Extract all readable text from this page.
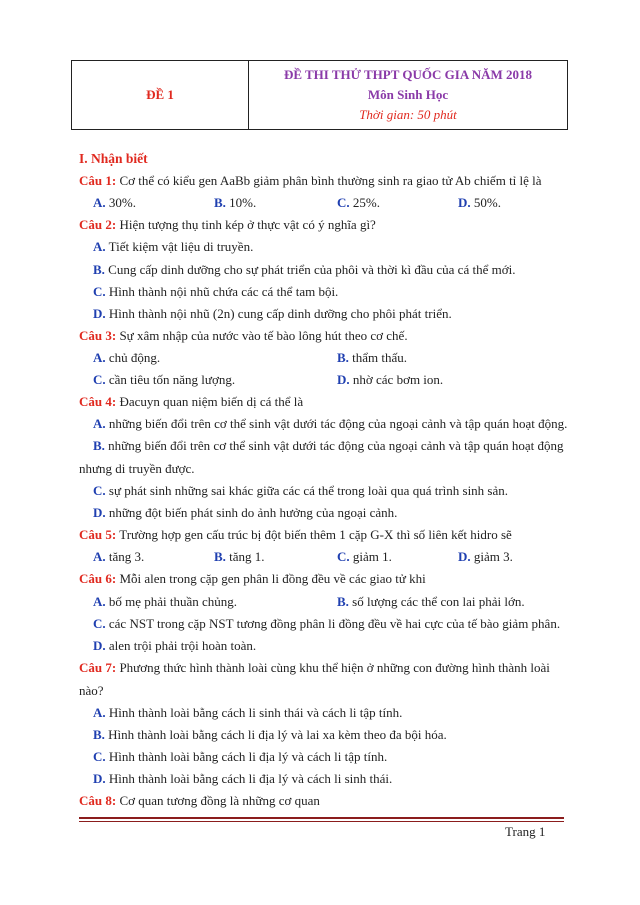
ĐỀ 1
ĐỀ THI THỬ THPT QUỐC GIA NĂM 2018
Môn Sinh Học
Thời gian: 50 phút
I. Nhận biết
Câu 1: Cơ thể có kiểu gen AaBb giảm phân bình thường sinh ra giao tử Ab chiếm tỉ lệ là
A. 30%.	B. 10%.	C. 25%.	D. 50%.
Câu 2: Hiện tượng thụ tinh kép ở thực vật có ý nghĩa gì?
A. Tiết kiệm vật liệu di truyền.
B. Cung cấp dinh dưỡng cho sự phát triển của phôi và thời kì đầu của cá thể mới.
C. Hình thành nội nhũ chứa các cá thể tam bội.
D. Hình thành nội nhũ (2n) cung cấp dinh dưỡng cho phôi phát triển.
Câu 3: Sự xâm nhập của nước vào tế bào lông hút theo cơ chế.
A. chủ động.	B. thẩm thấu.
C. cần tiêu tốn năng lượng.	D. nhờ các bơm ion.
Câu 4: Đacuyn quan niệm biến dị cá thể là
A. những biến đổi trên cơ thể sinh vật dưới tác động của ngoại cảnh và tập quán hoạt động.
B. những biến đổi trên cơ thể sinh vật dưới tác động của ngoại cảnh và tập quán hoạt động
nhưng di truyền được.
C. sự phát sinh những sai khác giữa các cá thể trong loài qua quá trình sinh sản.
D. những đột biến phát sinh do ảnh hưởng của ngoại cảnh.
Câu 5: Trường hợp gen cấu trúc bị đột biến thêm 1 cặp G-X thì số liên kết hidro sẽ
A. tăng 3.	B. tăng 1.	C. giảm 1.	D. giảm 3.
Câu 6: Mỗi alen trong cặp gen phân li đồng đều về các giao tử khi
A. bố mẹ phải thuần chủng.	B. số lượng các thể con lai phải lớn.
C. các NST trong cặp NST tương đồng phân li đồng đều về hai cực của tế bào giảm phân.
D. alen trội phải trội hoàn toàn.
Câu 7: Phương thức hình thành loài cùng khu thể hiện ở những con đường hình thành loài
nào?
A. Hình thành loài bằng cách li sinh thái và cách li tập tính.
B. Hình thành loài bằng cách li địa lý và lai xa kèm theo đa bội hóa.
C. Hình thành loài bằng cách li địa lý và cách li tập tính.
D. Hình thành loài bằng cách li địa lý và cách li sinh thái.
Câu 8: Cơ quan tương đồng là những cơ quan
Trang 1
